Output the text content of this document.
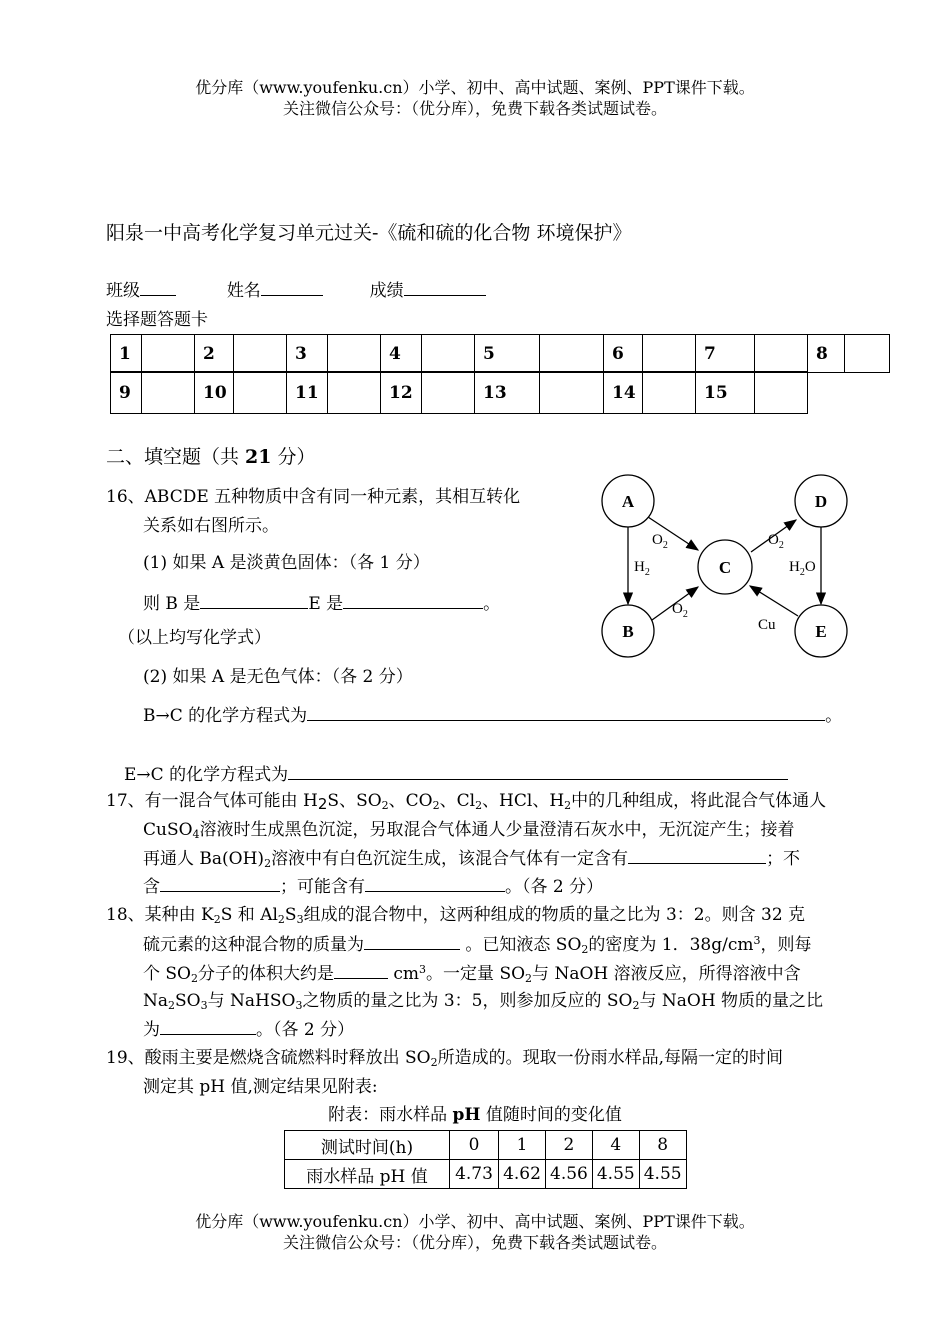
优分库（www.youfenku.cn）小学、初中、高中试题、案例、PPT课件下载。
关注微信公众号：（优分库），免费下载各类试题试卷。
阳泉一中高考化学复习单元过关-《硫和硫的化合物 环境保护》
班级	姓名	成绩
选择题答题卡
1		2		3		4		5		6		7		8	
9		10		11		12		13		14		15	
二、填空题（共 21 分）
16、ABCDE 五种物质中含有同一种元素，其相互转化
关系如右图所示。
(1) 如果 A 是淡黄色固体：（各 1 分）
则 B 是	E 是	。
（以上均写化学式）
(2) 如果 A 是无色气体：（各 2 分）
B→C 的化学方程式为	。
E→C 的化学方程式为
A	D
C
B	E
$O_2$	$O_2$
$O_2$
$H_2$	$H_2O$
Cu
17、有一混合气体可能由 $H_2S$、$SO_2$、$CO_2$、$Cl_2$、HCl、$H_2$中的几种组成，将此混合气体通人
CuSO$_4$溶液时生成黑色沉淀，另取混合气体通人少量澄清石灰水中，无沉淀产生；接着
再通人 $Ba(OH)_2$溶液中有白色沉淀生成，该混合气体有一定含有	；不
含	；可能含有	。（各 2 分）
18、某种由 $K_2S$ 和 $Al_2S_3$组成的混合物中，这两种组成的物质的量之比为 3：2。则含 32 克
硫元素的这种混合物的质量为	。已知液态 $SO_2$的密度为 1．$38g/cm^3$，则每
个 $SO_2$分子的体积大约是	$cm^3$。一定量 $SO_2$与 NaOH 溶液反应，所得溶液中含
$Na_2SO_3$与 NaHSO$_3$之物质的量之比为 3：5，则参加反应的 $SO_2$与 NaOH 物质的量之比
为	。（各 2 分）
19、酸雨主要是燃烧含硫燃料时释放出 $SO_2$所造成的。现取一份雨水样品,每隔一定的时间
测定其 pH 值,测定结果见附表:
附表：雨水样品 pH 值随时间的变化值
测试时间(h)	0	1	2	4	8
雨水样品 pH 值	4.73	4.62	4.56	4.55	4.55
优分库（www.youfenku.cn）小学、初中、高中试题、案例、PPT课件下载。
关注微信公众号：（优分库），免费下载各类试题试卷。
